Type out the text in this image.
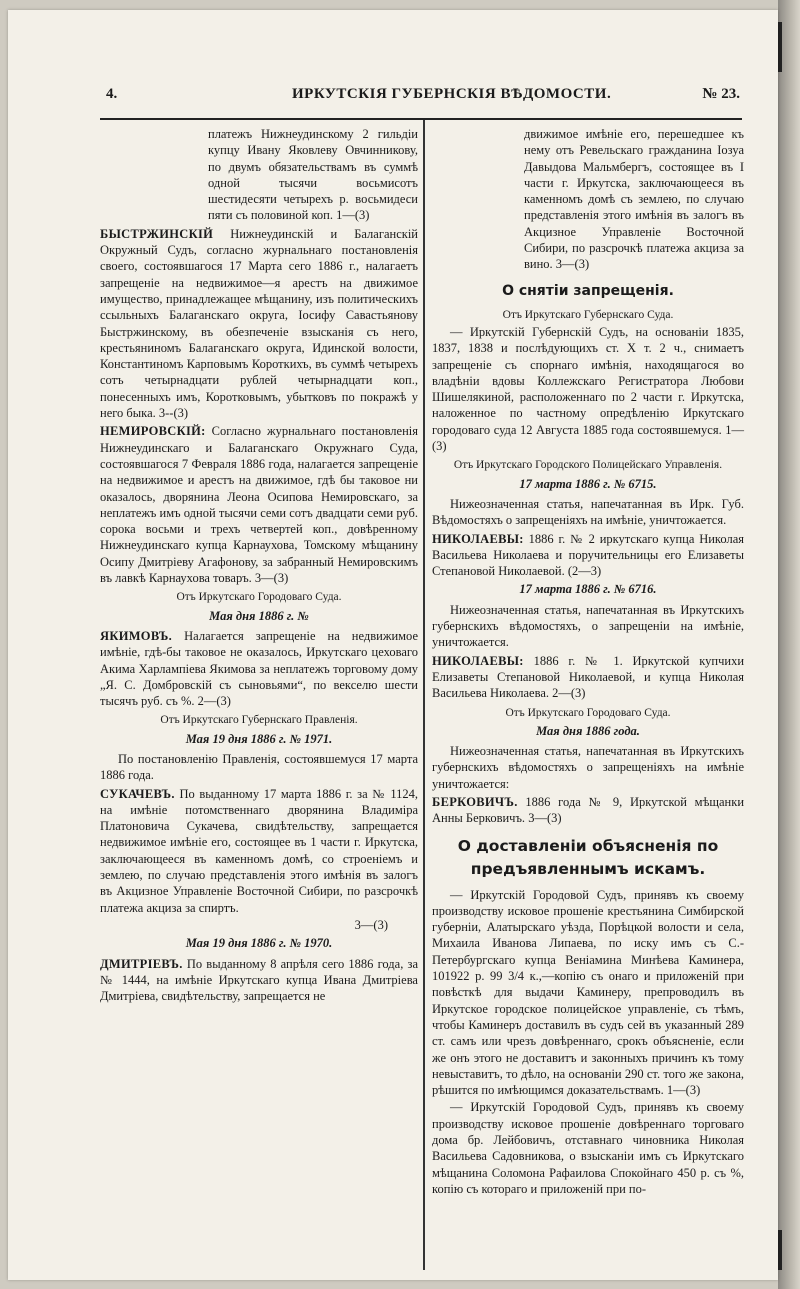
4.	ИРКУТСКІЯ ГУБЕРНСКІЯ ВѢДОМОСТИ.	№ 23.

платежъ Нижнеудинскому 2 гильдіи купцу Ивану Яковлеву Овчинникову, по двумъ обязательствамъ въ суммѣ одной тысячи восьмисотъ шестидесяти четырехъ р. восьмидеси пяти съ половиной коп. 1—(3)

БЫСТРЖИНСКІЙ Нижнеудинскій и Балаганскій Окружный Судъ, согласно журнальнаго постановленія своего, состоявшагося 17 Марта сего 1886 г., налагаетъ запрещеніе на недвижимое—я арестъ на движимое имущество, принадлежащее мѣщанину, изъ политическихъ ссыльныхъ Балаганскаго округа, Іосифу Савастьянову Быстржинскому, въ обезпеченіе взысканія съ него, крестьяниномъ Балаганскаго округа, Идинской волости, Константиномъ Карповымъ Короткихъ, въ суммѣ четырехъ сотъ четырнадцати рублей четырнадцати коп., понесенныхъ имъ, Коротковымъ, убытковъ по покражѣ у него быка. 3--(3)

НЕМИРОВСКІЙ: Согласно журнальнаго постановленія Нижнеудинскаго и Балаганскаго Окружнаго Суда, состоявшагося 7 Февраля 1886 года, налагается запрещеніе на недвижимое и арестъ на движимое, гдѣ бы таковое ни оказалось, дворянина Леона Осипова Немировскаго, за неплатежъ имъ одной тысячи семи сотъ двадцати семи руб. сорока восьми и трехъ четвертей коп., довѣренному Нижнеудинскаго купца Карнаухова, Томскому мѣщанину Осипу Дмитріеву Агафонову, за забранный Немировскимъ въ лавкѣ Карнаухова товаръ. 3—(3)

Отъ Иркутскаго Городоваго Суда.
Мая дня 1886 г. №

ЯКИМОВЪ. Налагается запрещеніе на недвижимое имѣніе, гдѣ-бы таковое не оказалось, Иркутскаго цеховаго Акима Харлампіева Якимова за неплатежъ торговому дому „Я. С. Домбровскій съ сыновьями“, по векселю шести тысячъ руб. съ %. 2—(3)

Отъ Иркутскаго Губернскаго Правленія.
Мая 19 дня 1886 г. № 1971.

По постановленію Правленія, состоявшемуся 17 марта 1886 года.

СУКАЧЕВЪ. По выданному 17 марта 1886 г. за № 1124, на имѣніе потомственнаго дворянина Владиміра Платоновича Сукачева, свидѣтельству, запрещается недвижимое имѣніе его, состоящее въ 1 части г. Иркутска, заключающееся въ каменномъ домѣ, со строеніемъ и землею, по случаю представленія этого имѣнія въ залогъ въ Акцизное Управленіе Восточной Сибири, по разсрочкѣ платежа акциза за спиртъ.

3—(3)
Мая 19 дня 1886 г. № 1970.

ДМИТРІЕВЪ. По выданному 8 апрѣля сего 1886 года, за № 1444, на имѣніе Иркутскаго купца Ивана Дмитріева Дмитріева, свидѣтельству, запрещается не

движимое имѣніе его, перешедшее къ нему отъ Ревельскаго гражданина Іозуа Давыдова Мальмбергъ, состоящее въ I части г. Иркутска, заключающееся въ каменномъ домѣ съ землею, по случаю представленія этого имѣнія въ залогъ въ Акцизное Управленіе Восточной Сибири, по разсрочкѣ платежа акциза за вино. 3—(3)

О снятіи запрещенія.
Отъ Иркутскаго Губернскаго Суда.

— Иркутскій Губернскій Судъ, на основаніи 1835, 1837, 1838 и послѣдующихъ ст. X т. 2 ч., снимаетъ запрещеніе съ спорнаго имѣнія, находящагося во владѣніи вдовы Коллежскаго Регистратора Любови Шишелякиной, расположеннаго по 2 части г. Иркутска, наложенное по частному опредѣленію Иркутскаго городоваго суда 12 Августа 1885 года состоявшемуся. 1—(3)

Отъ Иркутскаго Городского Полицейскаго Управленія.
17 марта 1886 г. № 6715.

Нижеозначенная статья, напечатанная въ Ирк. Губ. Вѣдомостяхъ о запрещеніяхъ на имѣніе, уничтожается.

НИКОЛАЕВЫ: 1886 г. № 2 иркутскаго купца Николая Васильева Николаева и поручительницы его Елизаветы Степановой Николаевой. (2—3)

17 марта 1886 г. № 6716.

Нижеозначенная статья, напечатанная въ Иркутскихъ губернскихъ вѣдомостяхъ, о запрещеніи на имѣніе, уничтожается.

НИКОЛАЕВЫ: 1886 г. № 1. Иркутской купчихи Елизаветы Степановой Николаевой, и купца Николая Васильева Николаева. 2—(3)

Отъ Иркутскаго Городоваго Суда.
Мая дня 1886 года.

Нижеозначенная статья, напечатанная въ Иркутскихъ губернскихъ вѣдомостяхъ о запрещеніяхъ на имѣніе уничтожается:

БЕРКОВИЧЪ. 1886 года № 9, Иркутской мѣщанки Анны Берковичъ. 3—(3)

О доставленіи объясненія по предъявленнымъ искамъ.

— Иркутскій Городовой Судъ, принявъ къ своему производству исковое прошеніе крестьянина Симбирской губерніи, Алатырскаго уѣзда, Порѣцкой волости и села, Михаила Иванова Липаева, по иску имъ съ С.-Петербургскаго купца Веніамина Минѣева Каминера, 101922 р. 99 3/4 к.,—копію съ онаго и приложеній при повѣсткѣ для выдачи Каминеру, препроводилъ въ Иркутское городское полицейское управленіе, съ тѣмъ, чтобы Каминеръ доставилъ въ судъ сей въ указанный 289 ст. самъ или чрезъ довѣреннаго, срокъ объясненіе, если же онъ этого не доставитъ и законныхъ причинъ къ тому невыставитъ, то дѣло, на основаніи 290 ст. того же закона, рѣшится по имѣющимся доказательствамъ. 1—(3)

— Иркутскій Городовой Судъ, принявъ къ своему производству исковое прошеніе довѣреннаго торговаго дома бр. Лейбовичъ, отставнаго чиновника Николая Васильева Садовникова, о взысканіи имъ съ Иркутскаго мѣщанина Соломона Рафаилова Спокойнаго 450 р. съ %, копію съ котораго и приложеній при по-
